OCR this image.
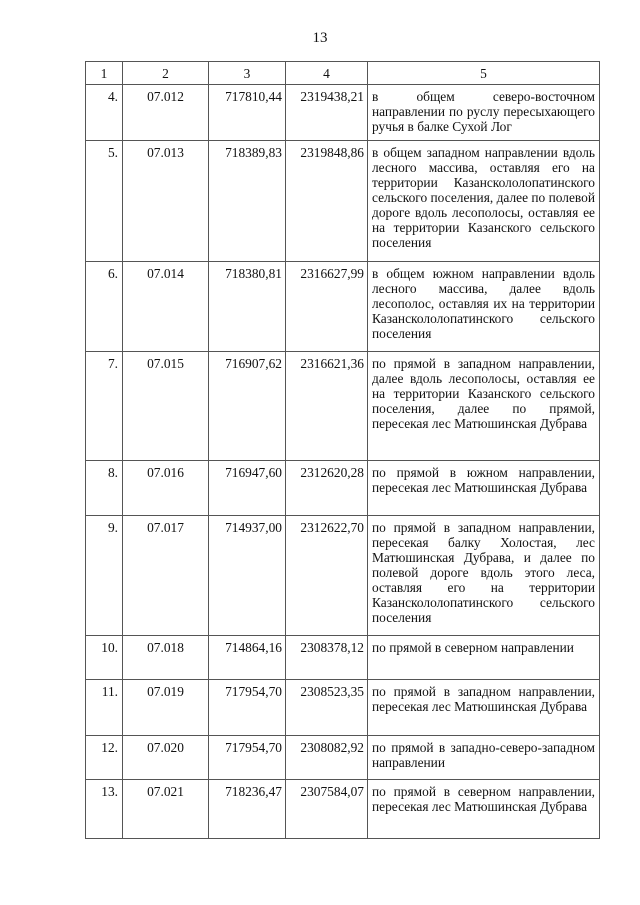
13
1	2	3	4	5
4.	07.012	717810,44	2319438,21	в общем северо-восточном направлении по руслу пересыхающего ручья в балке Сухой Лог
5.	07.013	718389,83	2319848,86	в общем западном направлении вдоль лесного массива, оставляя его на территории Казанскололопатинского сельского поселения, далее по полевой дороге вдоль лесополосы, оставляя ее на территории Казанского сельского поселения
6.	07.014	718380,81	2316627,99	в общем южном направлении вдоль лесного массива, далее вдоль лесополос, оставляя их на территории Казанскололопатинского сельского поселения
7.	07.015	716907,62	2316621,36	по прямой в западном направлении, далее вдоль лесополосы, оставляя ее на территории Казанского сельского поселения, далее по прямой, пересекая лес Матюшинская Дубрава
8.	07.016	716947,60	2312620,28	по прямой в южном направлении, пересекая лес Матюшинская Дубрава
9.	07.017	714937,00	2312622,70	по прямой в западном направлении, пересекая балку Холостая, лес Матюшинская Дубрава, и далее по полевой дороге вдоль этого леса, оставляя его на территории Казанскололопатинского сельского поселения
10.	07.018	714864,16	2308378,12	по прямой в северном направлении
11.	07.019	717954,70	2308523,35	по прямой в западном направлении, пересекая лес Матюшинская Дубрава
12.	07.020	717954,70	2308082,92	по прямой в западно-северо-западном направлении
13.	07.021	718236,47	2307584,07	по прямой в северном направлении, пересекая лес Матюшинская Дубрава
